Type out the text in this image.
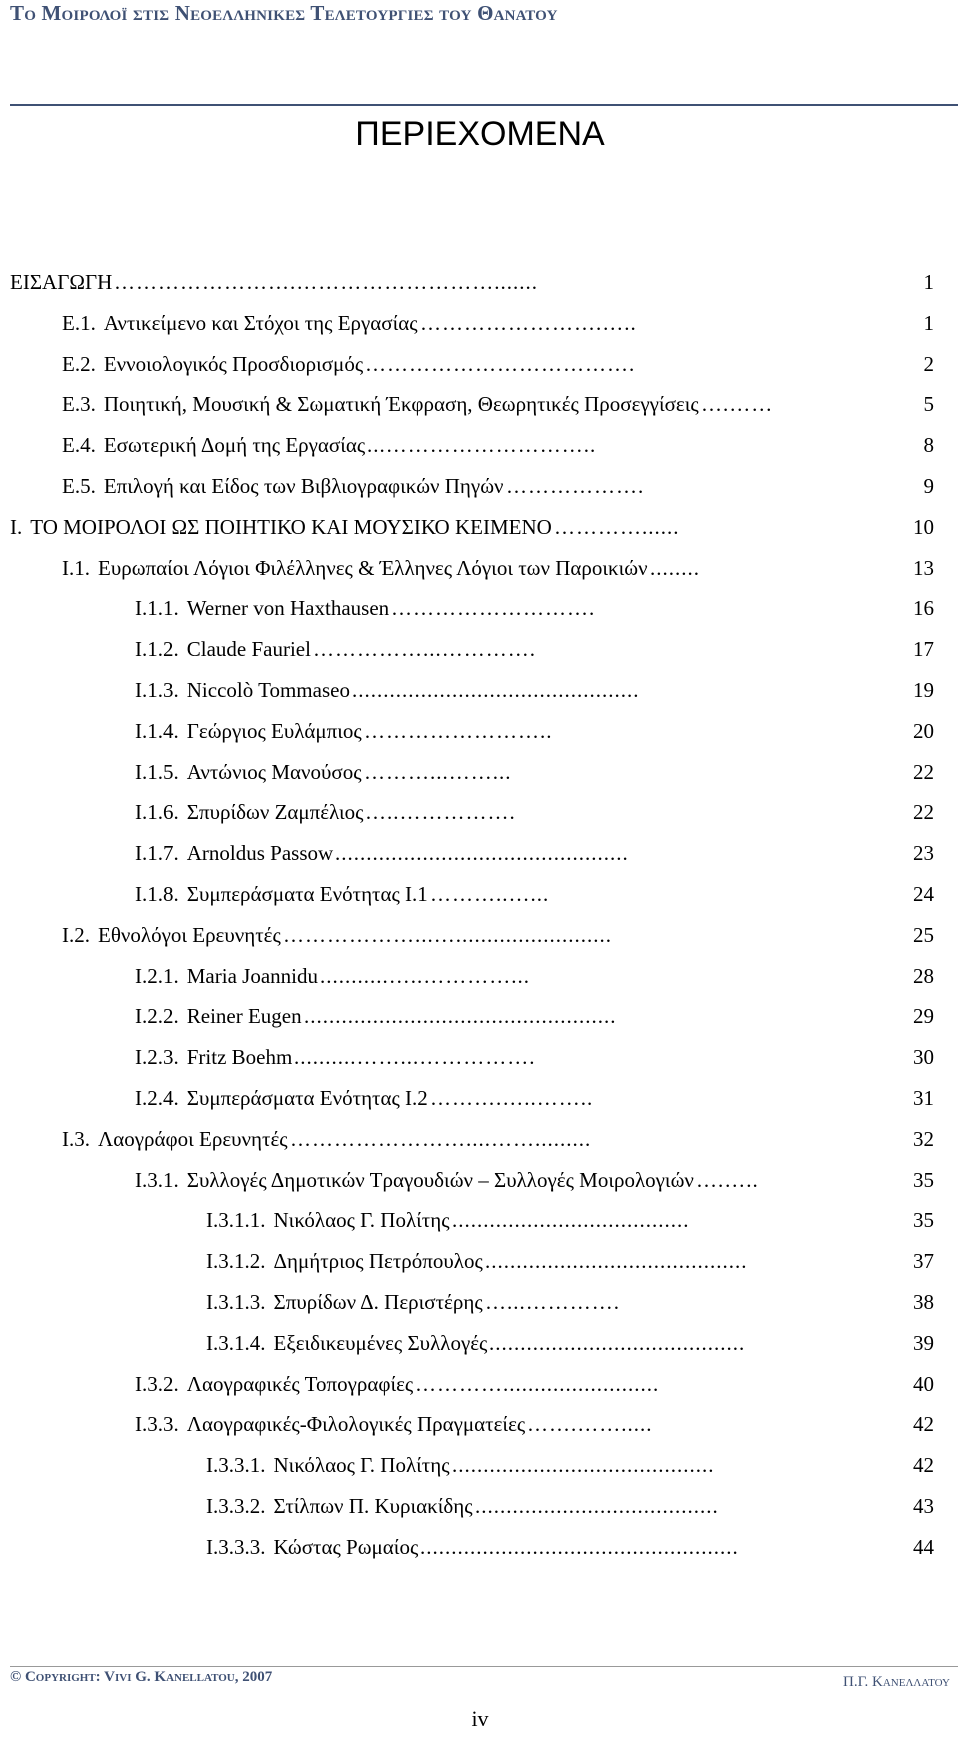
Το Μοιρολοϊ στις Νεοελληνικες Τελετουργιες του Θανατου
ΠΕΡΙΕΧΟΜΕΝΑ
ΕΙΣΑΓΩΓΗ …………………….……………………….......	1
Ε.1. Αντικείμενο και Στόχοι της Εργασίας …………………….…..	1
Ε.2. Εννοιολογικός Προσδιορισμός ……………………………….	2
Ε.3. Ποιητική, Μουσική & Σωματική Έκφραση, Θεωρητικές Προσεγγίσεις ….……	5
Ε.4. Εσωτερική Δομή της Εργασίας ...………………………..	8
Ε.5. Επιλογή και Είδος των Βιβλιογραφικών Πηγών ……………….	9
Ι. ΤΟ ΜΟΙΡΟΛΟΙ ΩΣ ΠΟΙΗΤΙΚΟ ΚΑΙ ΜΟΥΣΙΚΟ ΚΕΙΜΕΝΟ …………......	10
Ι.1. Ευρωπαίοι Λόγιοι Φιλέλληνες & Έλληνες Λόγιοι των Παροικιών ........	13
Ι.1.1. Werner von Haxthausen ……………………….	16
Ι.1.2. Claude Fauriel ……………...………….	17
Ι.1.3. Niccolò Tommaseo ..............................................	19
Ι.1.4. Γεώργιος Ευλάμπιος ……………………..	20
Ι.1.5. Αντώνιος Μανούσος ………...……...	22
Ι.1.6. Σπυρίδων Ζαμπέλιος …..…………….	22
Ι.1.7. Arnoldus Passow ...............................................	23
Ι.1.8. Συμπεράσματα Ενότητας Ι.1 ………..…...	24
Ι.2. Εθνολόγοι Ερευνητές ………………...….........................	25
Ι.2.1. Maria Joannidu ...........…..…………...	28
Ι.2.2. Reiner Eugen ..................................................	29
Ι.2.3. Fritz Boehm ..........……...…………….	30
Ι.2.4. Συμπεράσματα Ενότητας Ι.2 ……….…..……..	31
Ι.3. Λαογράφοι Ερευνητές ……………………....…….........	32
Ι.3.1. Συλλογές Δημοτικών Τραγουδιών – Συλλογές Μοιρολογιών ….…..	35
Ι.3.1.1. Νικόλαος Γ. Πολίτης ......................................	35
Ι.3.1.2. Δημήτριος Πετρόπουλος ..........................................	37
Ι.3.1.3. Σπυρίδων Δ. Περιστέρης …...………….	38
Ι.3.1.4. Εξειδικευμένες Συλλογές .........................................	39
Ι.3.2. Λαογραφικές Τοπογραφίες ………….........................	40
Ι.3.3. Λαογραφικές-Φιλολογικές Πραγματείες …….…….....	42
Ι.3.3.1. Νικόλαος Γ. Πολίτης ..........................................	42
Ι.3.3.2. Στίλπων Π. Κυριακίδης .......................................	43
Ι.3.3.3. Κώστας Ρωμαίος ...................................................	44
© Copyright: Vivi G. Kanellatou, 2007	Π.Γ. Κανελλατου
iv
